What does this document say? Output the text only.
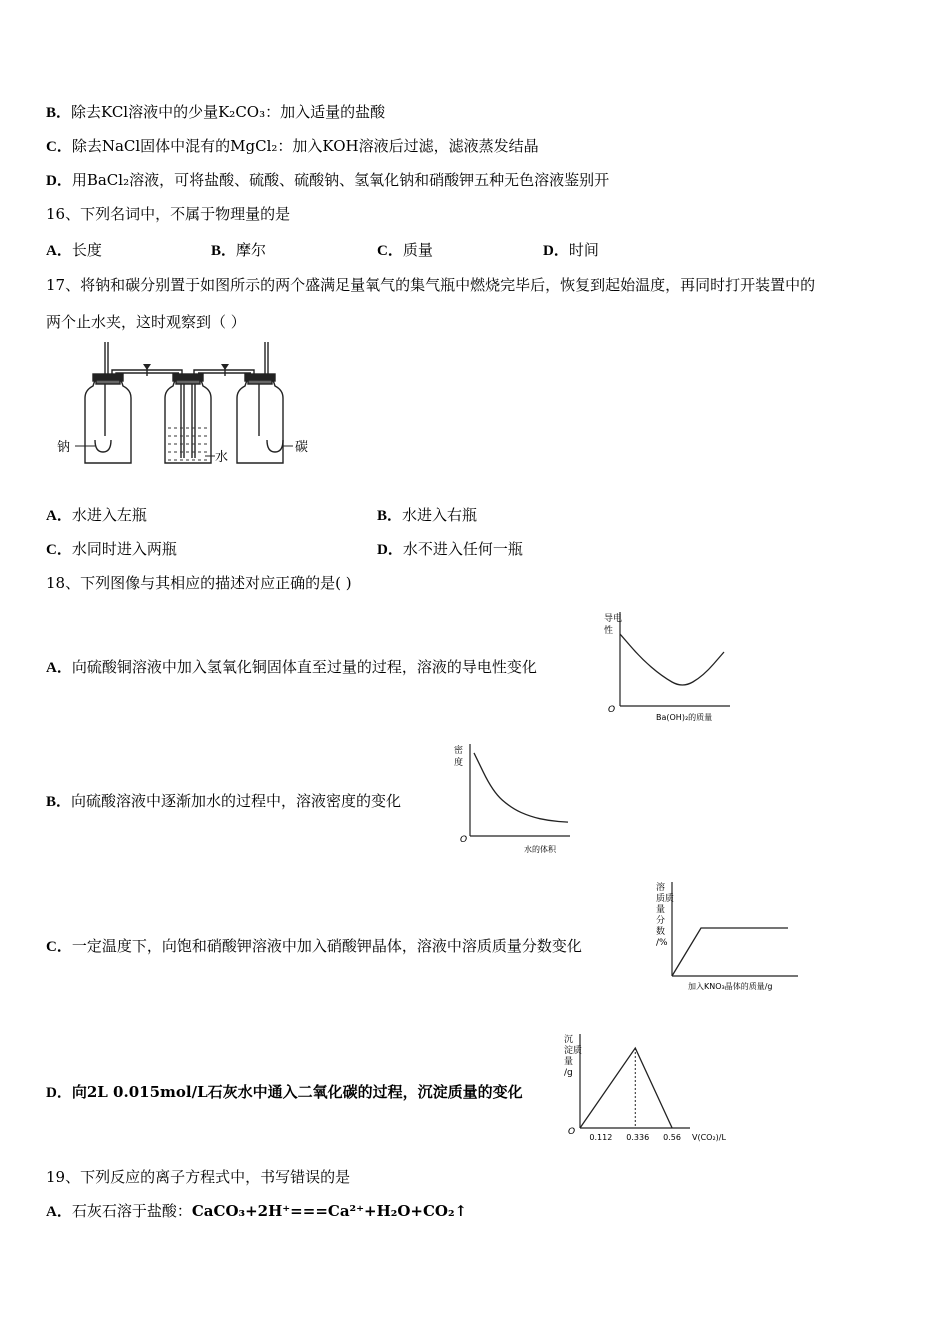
B．除去KCl溶液中的少量K₂CO₃：加入适量的盐酸
C．除去NaCl固体中混有的MgCl₂：加入KOH溶液后过滤，滤液蒸发结晶
D．用BaCl₂溶液，可将盐酸、硫酸、硫酸钠、氢氧化钠和硝酸钾五种无色溶液鉴别开
16、下列名词中，不属于物理量的是
A．长度	B．摩尔	C．质量	D．时间
17、将钠和碳分别置于如图所示的两个盛满足量氧气的集气瓶中燃烧完毕后，恢复到起始温度，再同时打开装置中的
两个止水夹，这时观察到（ ）
钠
水
碳
A．水进入左瓶	B．水进入右瓶
C．水同时进入两瓶	D．水不进入任何一瓶
18、下列图像与其相应的描述对应正确的是( )
A．向硫酸铜溶液中加入氢氧化铜固体直至过量的过程，溶液的导电性变化
B．向硫酸溶液中逐渐加水的过程中，溶液密度的变化
C．一定温度下，向饱和硝酸钾溶液中加入硝酸钾晶体，溶液中溶质质量分数变化
D．向2L 0.015mol/L石灰水中通入二氧化碳的过程，沉淀质量的变化
导电
性
O
Ba(OH)₂的质量
密
度
O
水的体积
溶
质质
量
分
数
/%
加入KNO₃晶体的质量/g
沉
淀质
量
/g
O
V(CO₂)/L
0.112 0.336 0.56
19、下列反应的离子方程式中，书写错误的是
A．石灰石溶于盐酸：CaCO₃+2H⁺===Ca²⁺+H₂O+CO₂↑
